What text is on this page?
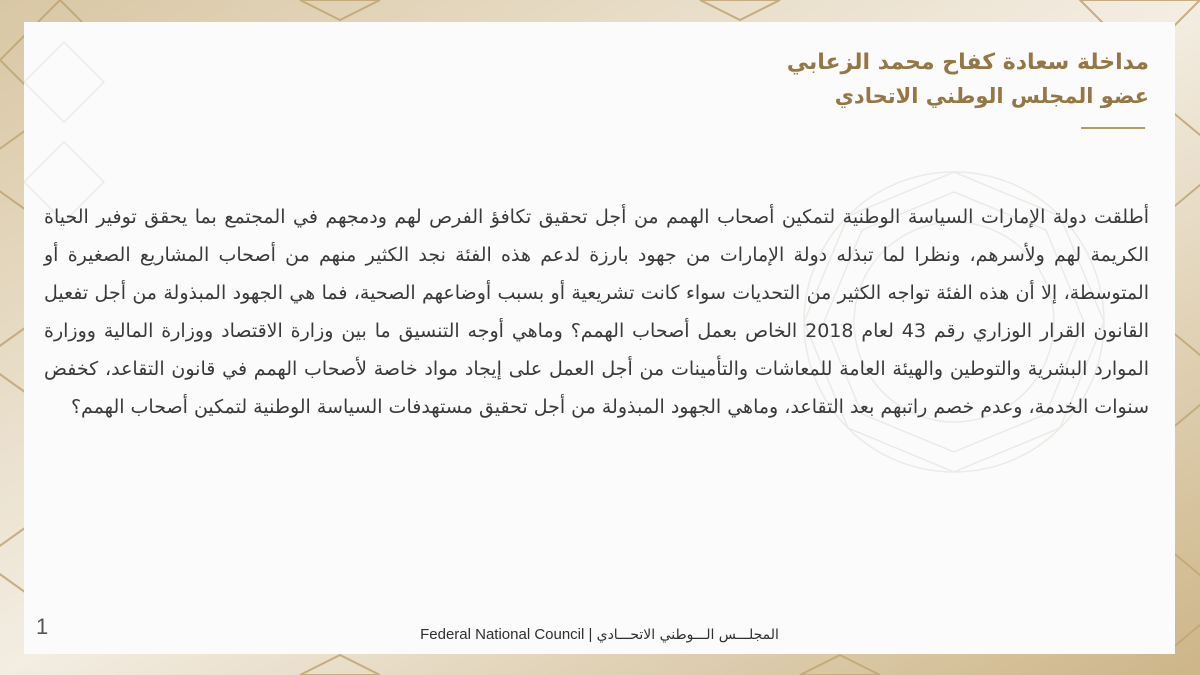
مداخلة سعادة كفاح محمد الزعابي
عضو المجلس الوطني الاتحادي

أطلقت دولة الإمارات السياسة الوطنية لتمكين أصحاب الهمم من أجل تحقيق تكافؤ الفرص لهم ودمجهم في المجتمع بما يحقق توفير الحياة الكريمة لهم ولأسرهم، ونظرا لما تبذله دولة الإمارات من جهود بارزة لدعم هذه الفئة نجد الكثير منهم من أصحاب المشاريع الصغيرة أو المتوسطة، إلا أن هذه الفئة تواجه الكثير من التحديات سواء كانت تشريعية أو بسبب أوضاعهم الصحية، فما هي الجهود المبذولة من أجل تفعيل القانون القرار الوزاري رقم 43 لعام 2018 الخاص بعمل أصحاب الهمم؟ وماهي أوجه التنسيق ما بين وزارة الاقتصاد ووزارة المالية ووزارة الموارد البشرية والتوطين والهيئة العامة للمعاشات والتأمينات من أجل العمل على إيجاد مواد خاصة لأصحاب الهمم في قانون التقاعد، كخفض سنوات الخدمة، وعدم خصم راتبهم بعد التقاعد، وماهي الجهود المبذولة من أجل تحقيق مستهدفات السياسة الوطنية لتمكين أصحاب الهمم؟

1	Federal National Council | المجلـــس الـــوطني الاتحـــادي
